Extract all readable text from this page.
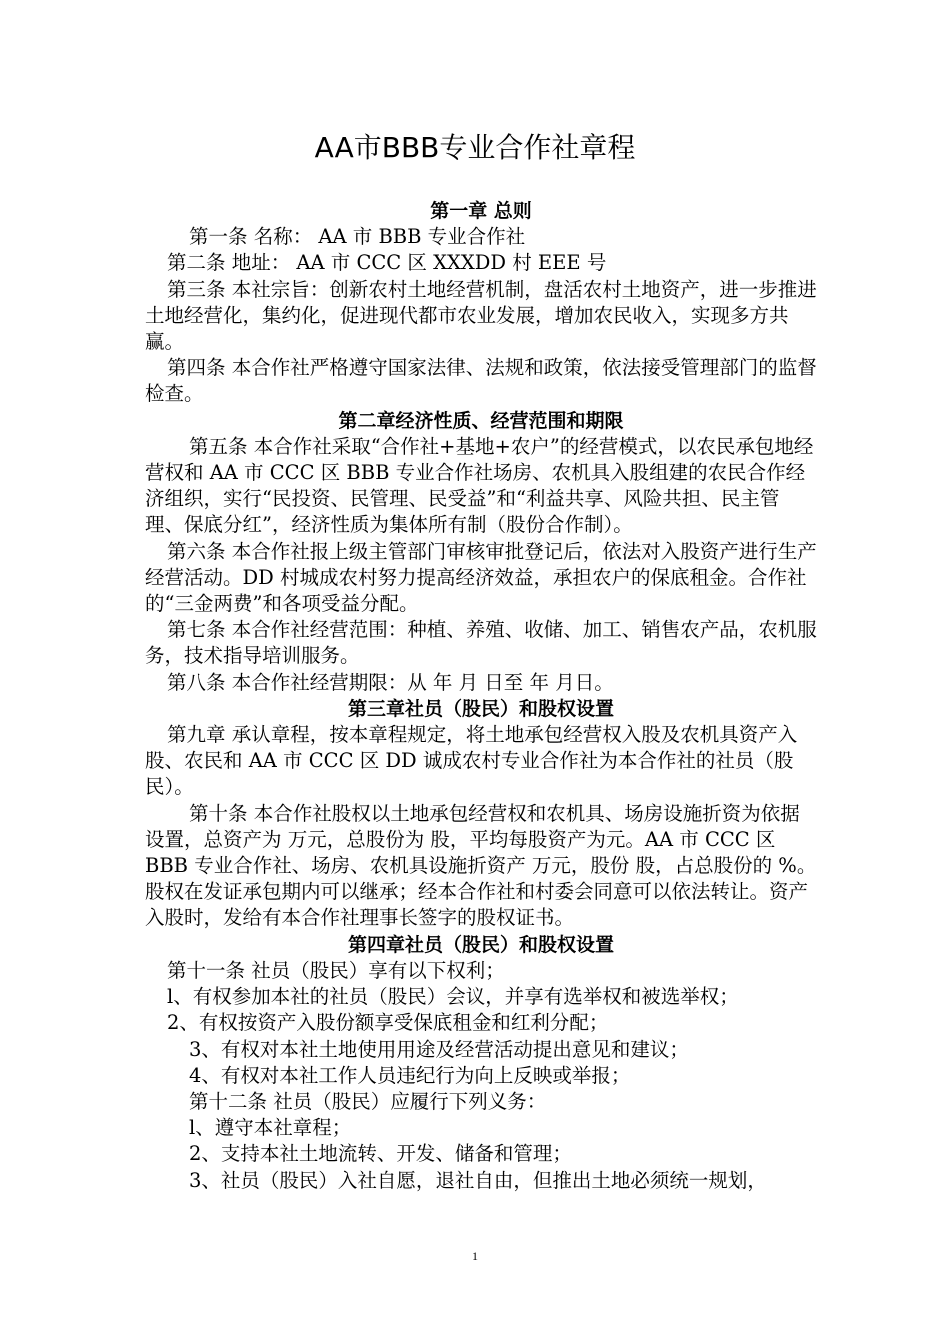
AA市BBB专业合作社章程

第一章 总则

第一条 名称： AA 市 BBB 专业合作社

第二条 地址： AA 市 CCC 区 XXXDD 村 EEE 号

第三条 本社宗旨：创新农村土地经营机制，盘活农村土地资产，进一步推进土地经营化，集约化，促进现代都市农业发展，增加农民收入，实现多方共赢。

第四条 本合作社严格遵守国家法律、法规和政策，依法接受管理部门的监督检查。

第二章经济性质、经营范围和期限

第五条 本合作社采取“合作社+基地+农户”的经营模式，以农民承包地经营权和 AA 市 CCC 区 BBB 专业合作社场房、农机具入股组建的农民合作经济组织，实行“民投资、民管理、民受益”和“利益共享、风险共担、民主管理、保底分红”，经济性质为集体所有制（股份合作制）。

第六条 本合作社报上级主管部门审核审批登记后，依法对入股资产进行生产经营活动。DD 村城成农村努力提高经济效益，承担农户的保底租金。合作社的“三金两费”和各项受益分配。

第七条 本合作社经营范围：种植、养殖、收储、加工、销售农产品，农机服务，技术指导培训服务。

第八条 本合作社经营期限：从 年 月 日至 年 月日。

第三章社员（股民）和股权设置

第九章 承认章程，按本章程规定，将土地承包经营权入股及农机具资产入股、农民和 AA 市 CCC 区 DD 诚成农村专业合作社为本合作社的社员（股民）。

第十条 本合作社股权以土地承包经营权和农机具、场房设施折资为依据设置，总资产为 万元，总股份为 股，平均每股资产为元。AA 市 CCC 区 BBB 专业合作社、场房、农机具设施折资产 万元，股份 股，占总股份的 %。股权在发证承包期内可以继承；经本合作社和村委会同意可以依法转让。资产入股时，发给有本合作社理事长签字的股权证书。

第四章社员（股民）和股权设置

第十一条 社员（股民）享有以下权利；

l、有权参加本社的社员（股民）会议，并享有选举权和被选举权；

2、有权按资产入股份额享受保底租金和红利分配；

3、有权对本社土地使用用途及经营活动提出意见和建议；

4、有权对本社工作人员违纪行为向上反映或举报；

第十二条 社员（股民）应履行下列义务：

l、遵守本社章程；

2、支持本社土地流转、开发、储备和管理；

3、社员（股民）入社自愿，退社自由，但推出土地必须统一规划，

1
